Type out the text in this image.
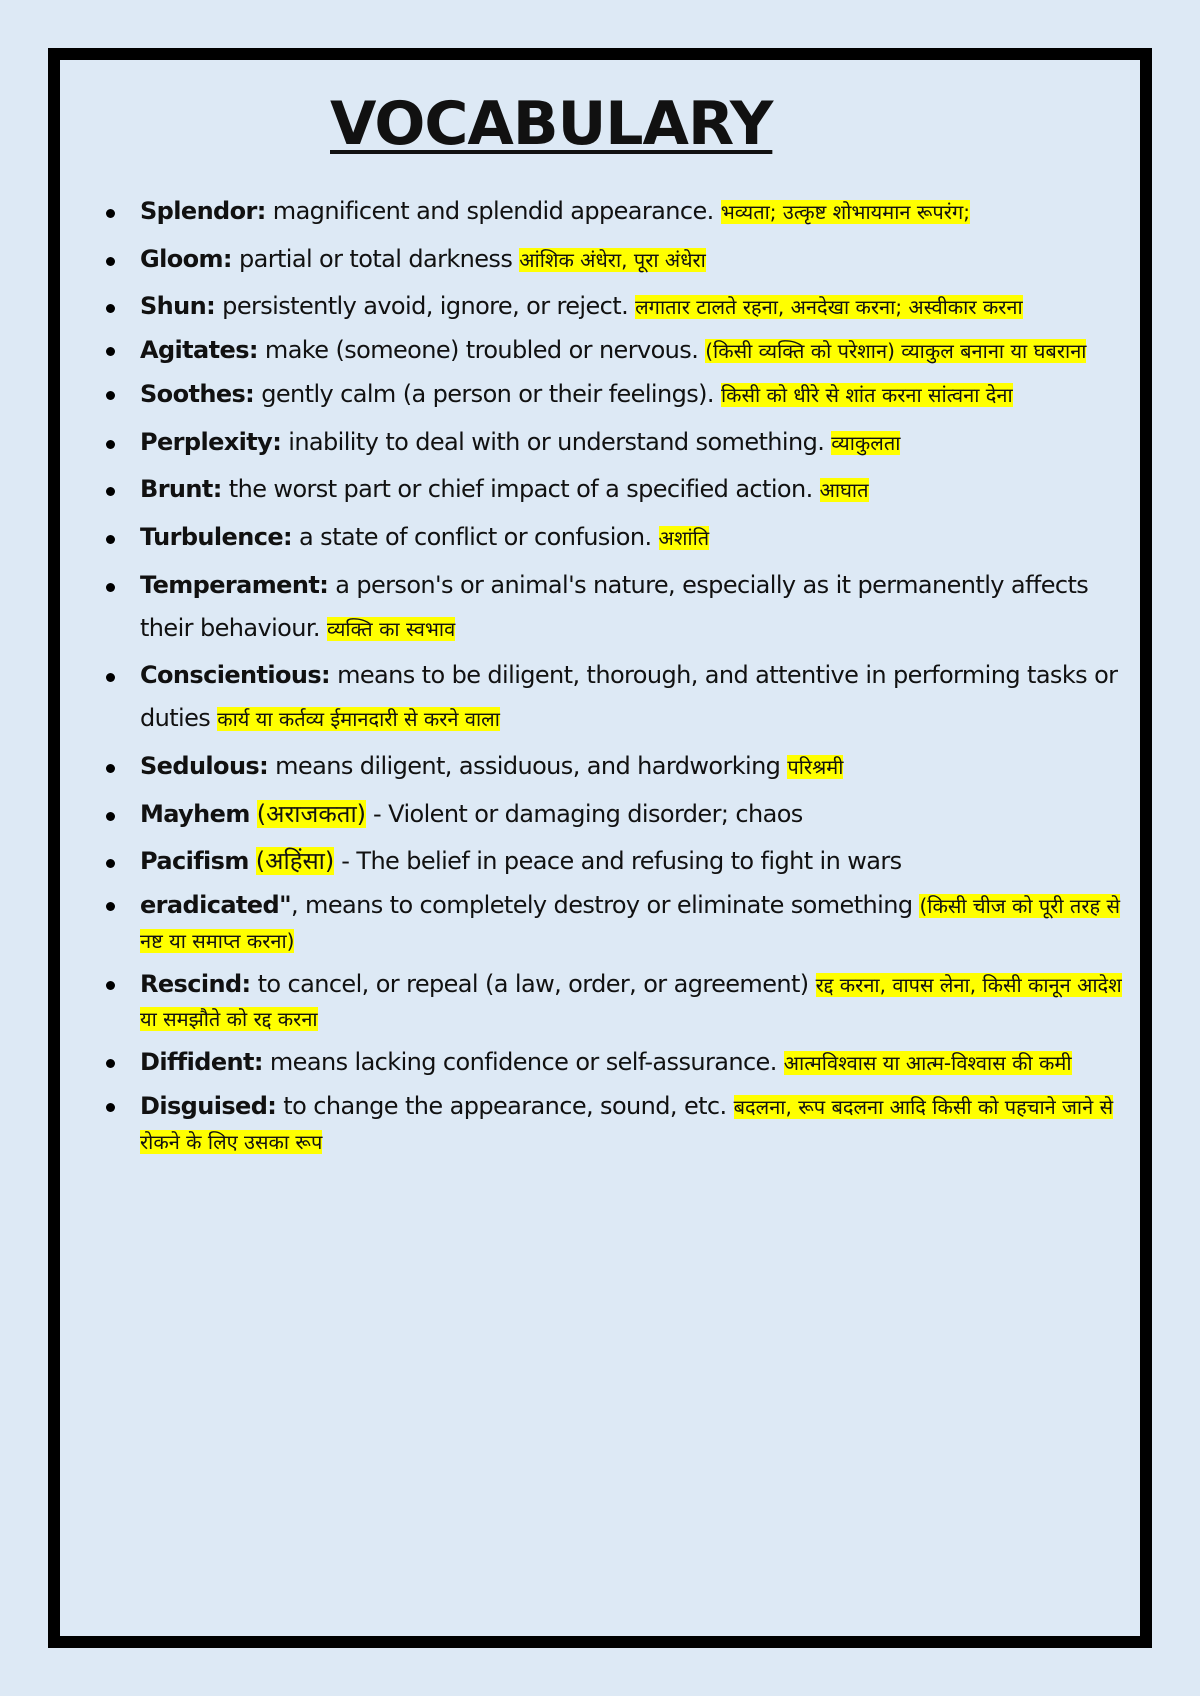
VOCABULARY
Splendor: magnificent and splendid appearance. भव्यता; उत्कृष्ट शोभायमान रूपरंग;
Gloom: partial or total darkness आंशिक अंधेरा, पूरा अंधेरा
Shun: persistently avoid, ignore, or reject. लगातार टालते रहना, अनदेखा करना; अस्वीकार करना
Agitates: make (someone) troubled or nervous. (किसी व्यक्ति को परेशान) व्याकुल बनाना या घबराना
Soothes: gently calm (a person or their feelings). किसी को धीरे से शांत करना सांत्वना देना
Perplexity: inability to deal with or understand something. व्याकुलता
Brunt: the worst part or chief impact of a specified action. आघात
Turbulence: a state of conflict or confusion. अशांति
Temperament: a person's or animal's nature, especially as it permanently affects their behaviour. व्यक्ति का स्वभाव
Conscientious: means to be diligent, thorough, and attentive in performing tasks or duties कार्य या कर्तव्य ईमानदारी से करने वाला
Sedulous: means diligent, assiduous, and hardworking परिश्रमी
Mayhem (अराजकता) - Violent or damaging disorder; chaos
Pacifism (अहिंसा) - The belief in peace and refusing to fight in wars
eradicated", means to completely destroy or eliminate something (किसी चीज को पूरी तरह से नष्ट या समाप्त करना)
Rescind: to cancel, or repeal (a law, order, or agreement) रद्द करना, वापस लेना, किसी कानून आदेश या समझौते को रद्द करना
Diffident: means lacking confidence or self-assurance. आत्मविश्वास या आत्म-विश्वास की कमी
Disguised: to change the appearance, sound, etc. बदलना, रूप बदलना आदि किसी को पहचाने जाने से रोकने के लिए उसका रूप
